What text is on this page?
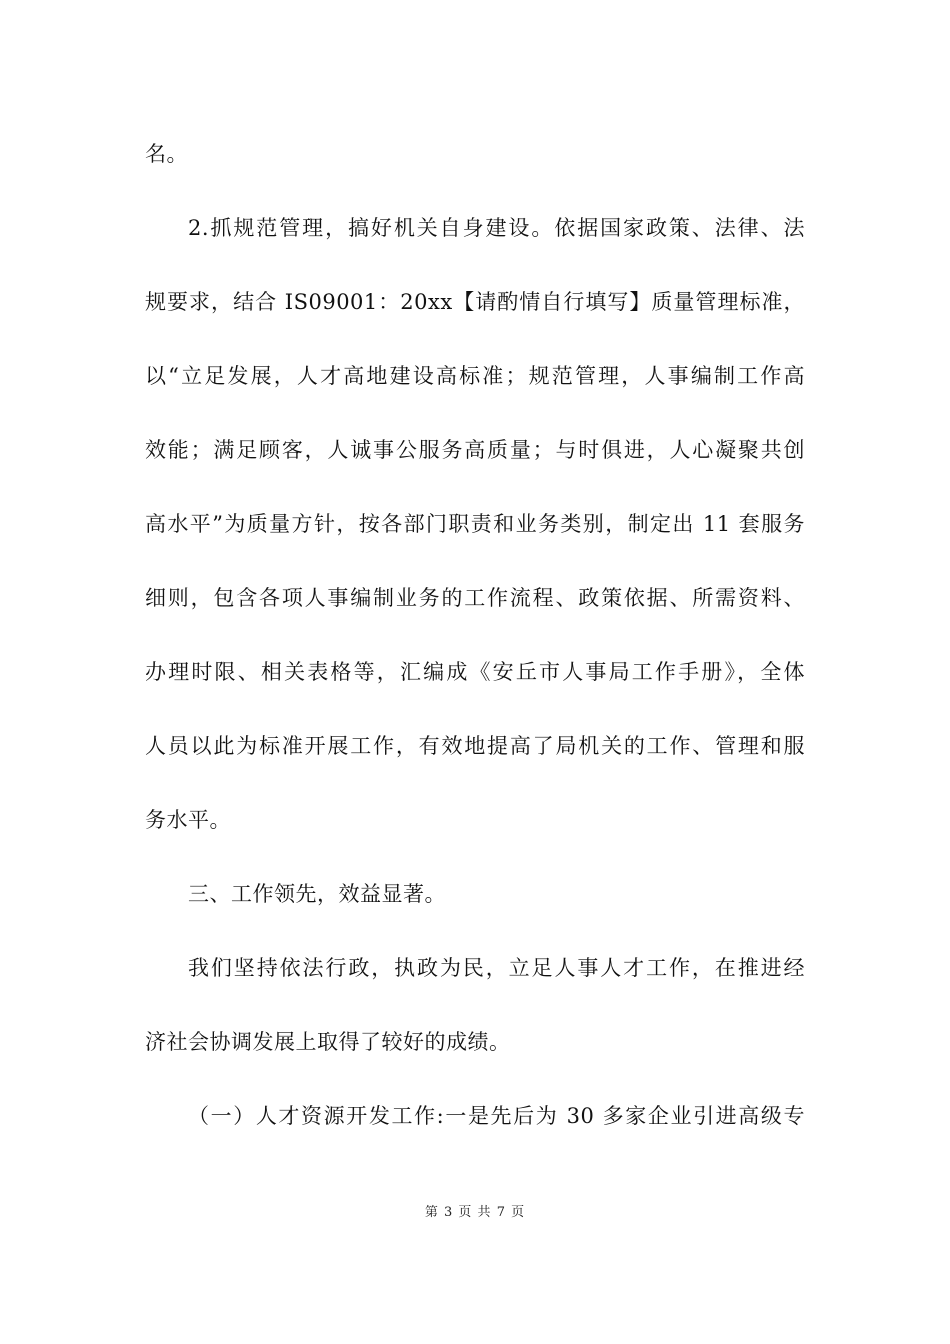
名。
2.抓规范管理，搞好机关自身建设。依据国家政策、法律、法
规要求，结合 IS09001：20xx【请酌情自行填写】质量管理标准，
以“立足发展，人才高地建设高标准；规范管理，人事编制工作高
效能；满足顾客，人诚事公服务高质量；与时俱进，人心凝聚共创
高水平”为质量方针，按各部门职责和业务类别，制定出 11 套服务
细则，包含各项人事编制业务的工作流程、政策依据、所需资料、
办理时限、相关表格等，汇编成《安丘市人事局工作手册》，全体
人员以此为标准开展工作，有效地提高了局机关的工作、管理和服
务水平。
三、工作领先，效益显著。
我们坚持依法行政，执政为民，立足人事人才工作，在推进经
济社会协调发展上取得了较好的成绩。
（一）人才资源开发工作:一是先后为 30 多家企业引进高级专
第 3 页 共 7 页
